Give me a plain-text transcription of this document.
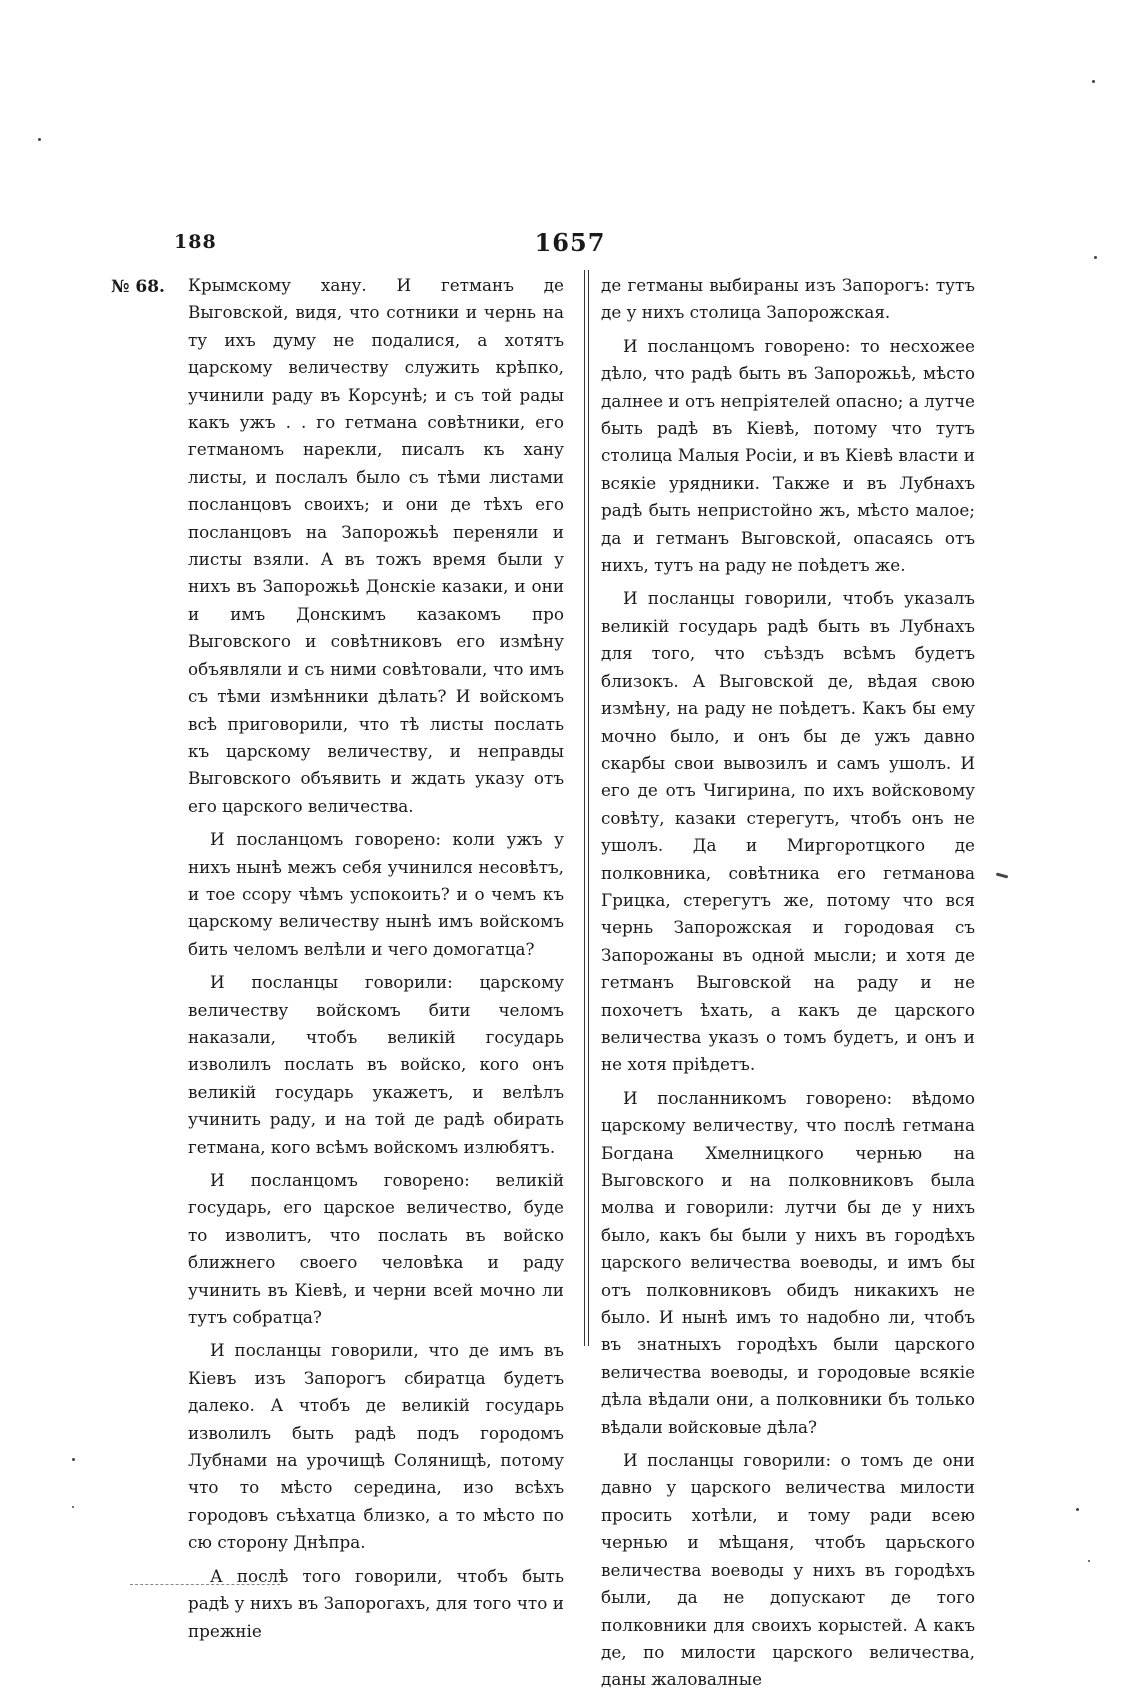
188	1657
№ 68. Крымскому хану. И гетманъ де Выговской, видя, что сотники и чернь на ту ихъ думу не подалися, а хотятъ царскому величеству служить крѣпко, учинили раду въ Корсунѣ; и съ той рады какъ ужъ . . го гетмана совѣтники, его гетманомъ нарекли, писалъ къ хану листы, и послалъ было съ тѣми листами посланцовъ своихъ; и они де тѣхъ его посланцовъ на Запорожьѣ переняли и листы взяли. А въ тожъ время были у нихъ въ Запорожьѣ Донскіе казаки, и они и имъ Донскимъ казакомъ про Выговского и совѣтниковъ его измѣну объявляли и съ ними совѣтовали, что имъ съ тѣми измѣнники дѣлать? И войскомъ всѣ приговорили, что тѣ листы послать къ царскому величеству, и неправды Выговского объявить и ждать указу отъ его царского величества.

И посланцомъ говорено: коли ужъ у нихъ нынѣ межъ себя учинился несовѣтъ, и тое ссору чѣмъ успокоить? и о чемъ къ царскому величеству нынѣ имъ войскомъ бить челомъ велѣли и чего домогатца?

И посланцы говорили: царскому величеству войскомъ бити челомъ наказали, чтобъ великій государь изволилъ послать въ войско, кого онъ великій государь укажетъ, и велѣлъ учинить раду, и на той де радѣ обирать гетмана, кого всѣмъ войскомъ излюбятъ.

И посланцомъ говорено: великій государь, его царское величество, буде то изволитъ, что послать въ войско ближнего своего человѣка и раду учинить въ Кіевѣ, и черни всей мочно ли тутъ собратца?

И посланцы говорили, что де имъ въ Кіевъ изъ Запорогъ сбиратца будетъ далеко. А чтобъ де великій государь изволилъ быть радѣ подъ городомъ Лубнами на урочищѣ Солянищѣ, потому что то мѣсто середина, изо всѣхъ городовъ съѣхатца близко, а то мѣсто по сю сторону Днѣпра.

А послѣ того говорили, чтобъ быть радѣ у нихъ въ Запорогахъ, для того что и прежніе

де гетманы выбираны изъ Запорогъ: тутъ де у нихъ столица Запорожская.

И посланцомъ говорено: то несхожее дѣло, что радѣ быть въ Запорожьѣ, мѣсто далнее и отъ непріятелей опасно; а лутче быть радѣ въ Кіевѣ, потому что тутъ столица Малыя Росіи, и въ Кіевѣ власти и всякіе урядники. Также и въ Лубнахъ радѣ быть непристойно жъ, мѣсто малое; да и гетманъ Выговской, опасаясь отъ нихъ, тутъ на раду не поѣдетъ же.

И посланцы говорили, чтобъ указалъ великій государь радѣ быть въ Лубнахъ для того, что съѣздъ всѣмъ будетъ близокъ. А Выговской де, вѣдая свою измѣну, на раду не поѣдетъ. Какъ бы ему мочно было, и онъ бы де ужъ давно скарбы свои вывозилъ и самъ ушолъ. И его де отъ Чигирина, по ихъ войсковому совѣту, казаки стерегутъ, чтобъ онъ не ушолъ. Да и Миргоротцкого де полковника, совѣтника его гетманова Грицка, стерегутъ же, потому что вся чернь Запорожская и городовая съ Запорожаны въ одной мысли; и хотя де гетманъ Выговской на раду и не похочетъ ѣхать, а какъ де царского величества указъ о томъ будетъ, и онъ и не хотя пріѣдетъ.

И посланникомъ говорено: вѣдомо царскому величеству, что послѣ гетмана Богдана Хмелницкого чернью на Выговского и на полковниковъ была молва и говорили: лутчи бы де у нихъ было, какъ бы были у нихъ въ городѣхъ царского величества воеводы, и имъ бы отъ полковниковъ обидъ никакихъ не было. И нынѣ имъ то надобно ли, чтобъ въ знатныхъ городѣхъ были царского величества воеводы, и городовые всякіе дѣла вѣдали они, а полковники бъ только вѣдали войсковые дѣла?

И посланцы говорили: о томъ де они давно у царского величества милости просить хотѣли, и тому ради всею чернью и мѣщаня, чтобъ царьского величества воеводы у нихъ въ городѣхъ были, да не допускают де того полковники для своихъ корыстей. А какъ де, по милости царского величества, даны жаловалные
